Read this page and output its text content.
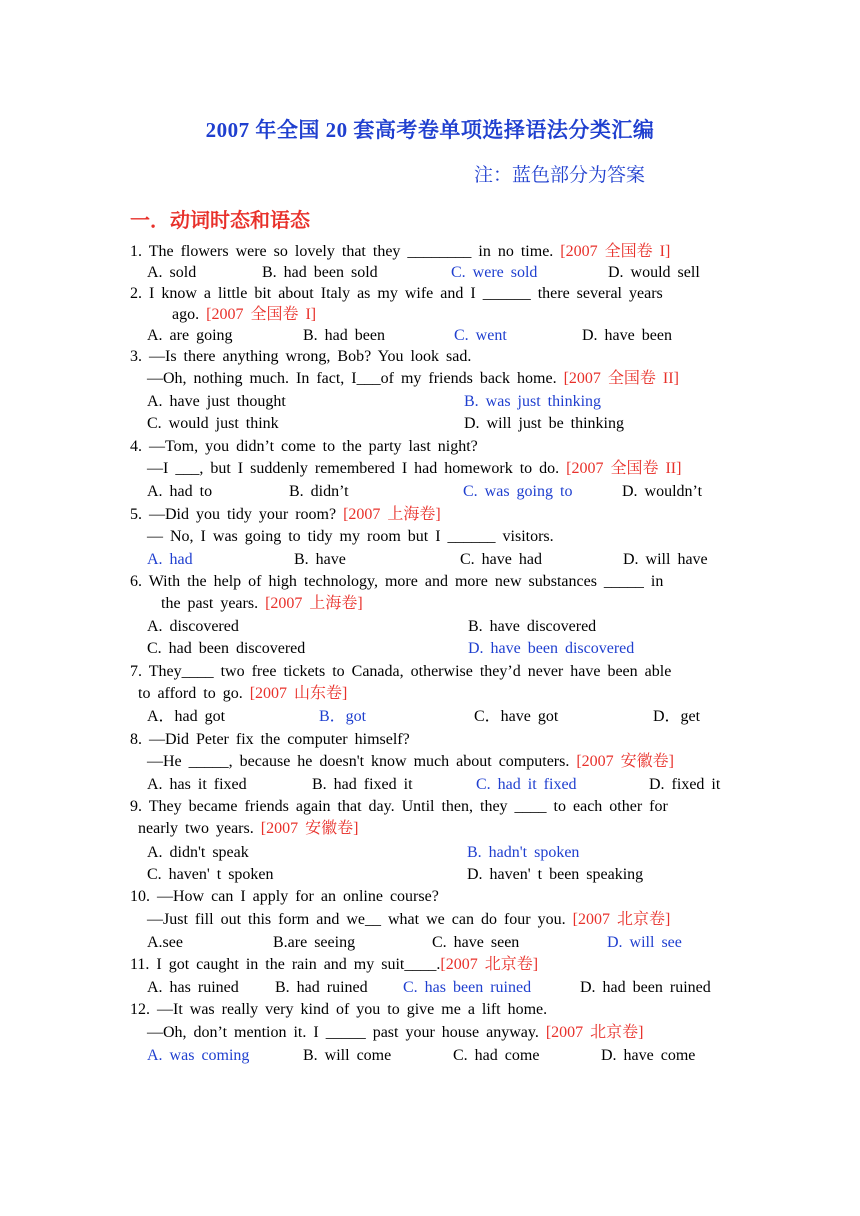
2007 年全国 20 套高考卷单项选择语法分类汇编
注：蓝色部分为答案
一．动词时态和语态
1. The flowers were so lovely that they ________ in no time. [2007 全国卷 I]
A. sold	B. had been sold	C. were sold	D. would sell
2. I know a little bit about Italy as my wife and I ______ there several years
ago. [2007 全国卷 I]
A. are going	B. had been	C. went	D. have been
3. —Is there anything wrong, Bob? You look sad.
—Oh, nothing much. In fact, I___of my friends back home. [2007 全国卷 II]
A. have just thought	B. was just thinking
C. would just think	D. will just be thinking
4. —Tom, you didn’t come to the party last night?
—I ___, but I suddenly remembered I had homework to do. [2007 全国卷 II]
A. had to	B. didn’t	C. was going to	D. wouldn’t
5. —Did you tidy your room? [2007 上海卷]
— No, I was going to tidy my room but I ______ visitors.
A. had	B. have	C. have had	D. will have
6. With the help of high technology, more and more new substances _____ in
the past years. [2007 上海卷]
A. discovered	B. have discovered
C. had been discovered	D. have been discovered
7. They____ two free tickets to Canada, otherwise they’d never have been able
to afford to go. [2007 山东卷]
A．had got	B．got	C．have got	D．get
8. —Did Peter fix the computer himself?
—He _____, because he doesn't know much about computers. [2007 安徽卷]
A. has it fixed	B. had fixed it	C. had it fixed	D. fixed it
9. They became friends again that day. Until then, they ____ to each other for
nearly two years. [2007 安徽卷]
A. didn't speak	B. hadn't spoken
C. haven' t spoken	D. haven' t been speaking
10. —How can I apply for an online course?
—Just fill out this form and we__ what we can do four you. [2007 北京卷]
A.see	B.are seeing	C. have seen	D. will see
11. I got caught in the rain and my suit____.[2007 北京卷]
A. has ruined B. had ruined C. has been ruined	D. had been ruined
12. —It was really very kind of you to give me a lift home.
—Oh, don’t mention it. I _____ past your house anyway. [2007 北京卷]
A. was coming	B. will come	C. had come	D. have come
